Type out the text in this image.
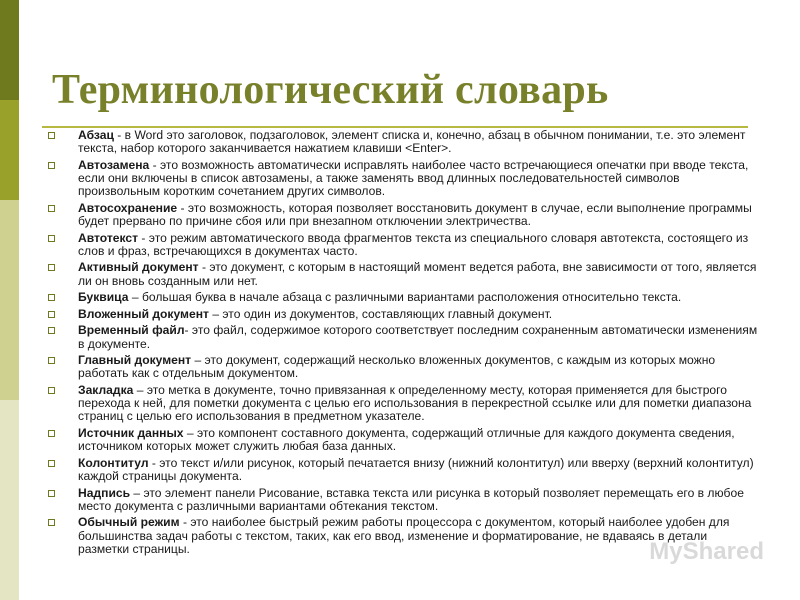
Терминологический словарь
Абзац - в Word это заголовок, подзаголовок, элемент списка и, конечно, абзац в обычном понимании, т.е. это элемент текста, набор которого заканчивается нажатием клавиши <Enter>.
Автозамена - это возможность автоматически исправлять наиболее часто встречающиеся опечатки при вводе текста, если они включены в список автозамены, а также заменять ввод длинных последовательностей символов произвольным коротким сочетанием других символов.
Автосохранение - это возможность, которая позволяет восстановить документ в случае, если выполнение программы будет прервано по причине сбоя или при внезапном отключении электричества.
Автотекст - это режим автоматического ввода фрагментов текста из специального словаря автотекста, состоящего из слов и фраз, встречающихся в документах часто.
Активный документ - это документ, с которым в настоящий момент ведется работа, вне зависимости от того, является ли он вновь созданным или нет.
Буквица – большая буква в начале абзаца с различными вариантами расположения относительно текста.
Вложенный документ – это один из документов, составляющих главный документ.
Временный файл- это файл, содержимое которого соответствует последним сохраненным автоматически изменениям в документе.
Главный документ – это документ, содержащий несколько вложенных документов, с каждым из которых можно работать как с отдельным документом.
Закладка – это метка в документе, точно привязанная к определенному месту, которая применяется для быстрого перехода к ней, для пометки документа с целью его использования в перекрестной ссылке или для пометки диапазона страниц с целью его использования в предметном указателе.
Источник данных – это компонент составного документа, содержащий отличные для каждого документа сведения, источником которых может служить любая база данных.
Колонтитул - это текст и/или рисунок, который печатается внизу (нижний колонтитул) или вверху (верхний колонтитул) каждой страницы документа.
Надпись – это элемент панели Рисование, вставка текста или рисунка в который позволяет перемещать его в любое место документа с различными вариантами обтекания текстом.
Обычный режим - это наиболее быстрый режим работы процессора с документом, который наиболее удобен для большинства задач работы с текстом, таких, как его ввод, изменение и форматирование, не вдаваясь в детали разметки страницы.	MyShared
